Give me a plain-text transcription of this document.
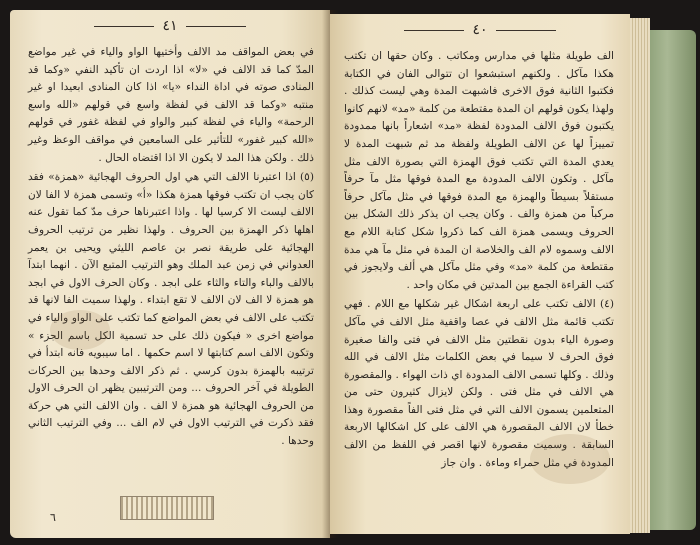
٤١

في بعض المواقف مد الالف وأختيها الواو والياء في غير مواضع المدّ كما قد الالف في «لا» اذا اردت ان تأكيد النفي «وكما قد المنادى صوته في اداة النداء «يا» اذا كان المنادى ابعيدا او غير منتبه «وكما قد الالف في لفظة واسع في قولهم «الله واسع الرحمة» والياء في لفظة كبير والواو في لفظة غفور في قولهم «الله كبير غفور» للتأثير على السامعين في مواقف الوعظ وغير ذلك . ولكن هذا المد لا يكون الا اذا اقتضاه الحال .

(٥) اذا اعتبرنا الالف التي هي اول الحروف الهجائية «همزة» فقد كان يجب ان تكتب فوقها همزة هكذا «أ» وتسمى همزة لا الفا لان الالف ليست الا كرسيا لها . واذا اعتبرناها حرف مدّ كما تقول عنه اهلها ذكر الهمزة بين الحروف . ولهذا نظير من ترتيب الحروف الهجائية على طريقة نصر بن عاصم الليثي ويحيى بن يعمر العدواني في زمن عبد الملك وهو الترتيب المتبع الآن . انهما ابتدآ بالالف والباء والتاء والثاء على ابجد . وكان الحرف الاول في ابجد هو همزة لا الف لان الالف لا تقع ابتداء . ولهذا سميت الفا لانها قد تكتب على الالف في بعض المواضع كما تكتب على الواو والياء في مواضع اخرى « فيكون ذلك على حد تسمية الكل باسم الجزء » وتكون الالف اسم كتابتها لا اسم حكمها . اما سيبويه فانه ابتدأ في ترتيبه بالهمزة بدون كرسي . ثم ذكر الالف وحدها بين الحركات الطويلة في آخر الحروف ... ومن الترتيبين يظهر ان الحرف الاول من الحروف الهجائية هو همزة لا الف . وان الالف التي هي حركة فقد ذكرت في الترتيب الاول في لام الف ... وفي الترتيب الثاني وحدها .

٦
٤٠

الف طويلة مثلها في مدارس ومكاتب . وكان حقها ان تكتب هكذا مآكل . ولكنهم استبشعوا ان تتوالى الفان في الكتابة فكتبوا الثانية فوق الاخرى فاشبهت المدة وهي ليست كذلك . ولهذا يكون قولهم ان المدة مقتطعة من كلمة «مد» لانهم كانوا يكتبون فوق الالف المدودة لفظة «مد» اشعاراً بانها ممدودة تمييزاً لها عن الالف الطويلة ولفظة مد ثم شبهت المدة لا يعدي المدة التي تكتب فوق الهمزة التي بصورة الالف مثل مآكل . وتكون الالف المدودة مع المدة فوقها مثل مآ حرفاً مستقلاً بسيطاً والهمزة مع المدة فوقها في مثل مآكل حرفاً مركباً من همزة والف . وكان يجب ان يذكر ذلك الشكل بين الحروف ويسمى همزة الف كما ذكروا شكل كتابة اللام مع الالف وسموه لام الف والخلاصة ان المدة في مثل مآ هي مدة مقتطعة من كلمة «مد» وفي مثل مآكل هي ألف ولايجوز في كتب القراءة الجمع بين المدتين في مكان واحد .

(٤) الالف تكتب على اربعة اشكال غير شكلها مع اللام . فهي تكتب قائمة مثل الالف في عصا واقفية مثل الالف في مآكل وصورة الياء بدون نقطتين مثل الالف في فتى والفا صغيرة فوق الحرف لا سيما في بعض الكلمات مثل الالف في الله وذلك . وكلها تسمى الالف المدودة اي ذات الهواء . والمقصورة هي الالف في مثل فتى . ولكن لايزال كثيرون حتى من المتعلمين يسمون الالف التي في مثل فتى الفاً مقصورة وهذا خطأ لان الالف المقصورة هي الالف على كل اشكالها الاربعة السابقة . وسميت مقصورة لانها اقصر في اللفظ من الالف المدودة في مثل حمراء وماءة . وان جاز
